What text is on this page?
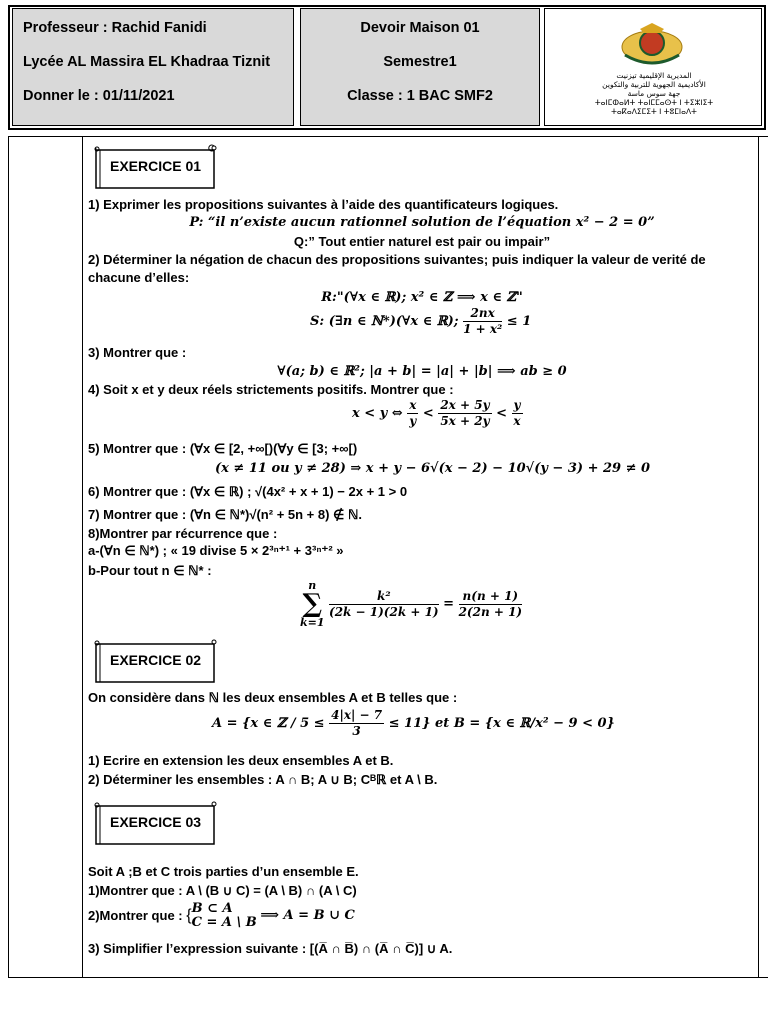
Professeur : Rachid Fanidi
Lycée AL Massira EL Khadraa Tiznit
Donner le : 01/11/2021
Devoir Maison 01
Semestre1
Classe : 1 BAC SMF2
المديرية الإقليمية تيزنيت
الأكاديمية الجهوية للتربية والتكوين
جهة سوس ماسة
ⵜⴰⵏⵎⵀⴰⵍⵜ ⵜⴰⵏⵎⵎⴰⵙⵜ ⵏ ⵜⵉⵣⵏⵉⵜ
ⵜⴰⴽⴰⴷⵉⵎⵉⵜ ⵏ ⵜⵓⵎⵏⴰⴷⵜ
EXERCICE 01
1) Exprimer les propositions suivantes à l’aide des quantificateurs logiques.
P: “il n’existe aucun rationnel solution de l’équation x² − 2 = 0”
Q:” Tout entier naturel est pair ou impair”
2) Déterminer la négation de chacun des propositions suivantes; puis indiquer la valeur de verité de
chacune d’elles:
R:"(∀x ∈ ℝ); x² ∈ ℤ ⟹ x ∈ ℤ"
S: (∃n ∈ ℕ*)(∀x ∈ ℝ); $\frac{2nx}{\text{1 + x²}} \le 1$
3) Montrer que :
∀(a; b) ∈ ℝ²; |a + b| = |a| + |b| ⟹ ab ≥ 0
4) Soit x et y deux réels strictements positifs. Montrer que :
x < y ⇔ $\frac{x}{y} < \frac{2x + 5y}{5x + 2y} < \frac{y}{x}$
5) Montrer que : (∀x ∈ [2, +∞[)(∀y ∈ [3; +∞[)
(x ≠ 11 ou y ≠ 28) ⇒ x + y − 6√(x − 2) − 10√(y − 3) + 29 ≠ 0
6) Montrer que : (∀x ∈ ℝ) ; √(4x² + x + 1) − 2x + 1 > 0
7) Montrer que : (∀n ∈ ℕ*)√(n² + 5n + 8) ∉ ℕ.
8)Montrer par récurrence que :
a-(∀n ∈ ℕ*) ; « 19 divise 5 × 2³ⁿ⁺¹ + 3³ⁿ⁺² »
b-Pour tout n ∈ ℕ* :
n
∑
k=1

$\frac{\text{k²}}{(2k - 1)(2k + 1)} = \frac{n(n + 1)}{2(2n + 1)}$
EXERCICE 02
On considère dans ℕ les deux ensembles A et B telles que :
A = {x ∈ ℤ / $5 \le \frac{4|x| - 7}{3} \le 11$} et B = {x ∈ ℝ/x² − 9 < 0}
1) Ecrire en extension les deux ensembles A et B.
2) Déterminer les ensembles : A ∩ B; A ∪ B; Cᴮℝ et A \ B.
EXERCICE 03
Soit A ;B et C trois parties d’un ensemble E.
1)Montrer que : A \ (B ∪ C) = (A \ B) ∩ (A \ C)
2)Montrer que : { B ⊂ A
C = A \ B ⟹ A = B ∪ C
3) Simplifier l’expression suivante : [(A̅ ∩ B̅) ∩ (A̅ ∩ C̅)] ∪ A.
